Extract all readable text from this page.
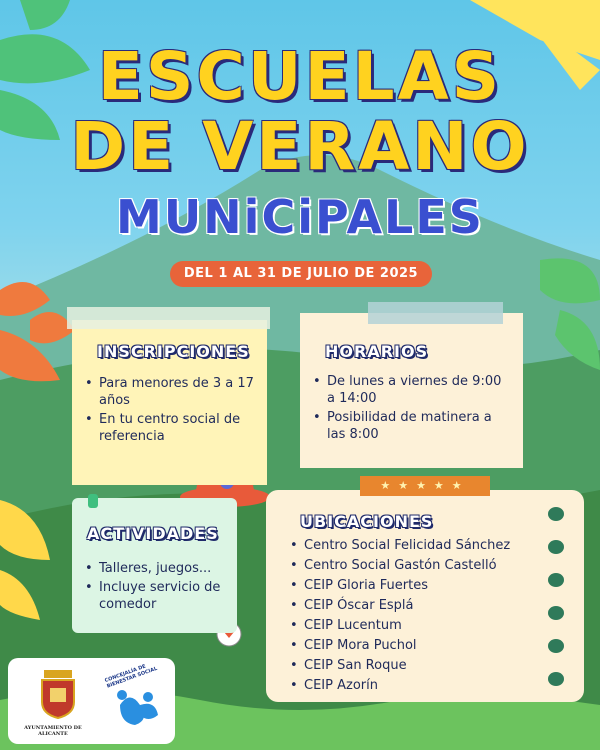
ESCUELAS
DE VERANO
MUNiCiPALES
DEL 1 AL 31 DE JULIO DE 2025
INSCRIPCIONES
• Para menores de 3 a 17 años
• En tu centro social de referencia
HORARIOS
• De lunes a viernes de 9:00 a 14:00
• Posibilidad de matinera a las 8:00
ACTIVIDADES
• Talleres, juegos...
• Incluye servicio de comedor
★★★★★
UBICACIONES
• Centro Social Felicidad Sánchez
• Centro Social Gastón Castelló
• CEIP Gloria Fuertes
• CEIP Óscar Esplá
• CEIP Lucentum
• CEIP Mora Puchol
• CEIP San Roque
• CEIP Azorín
AYUNTAMIENTO DE ALICANTE
CONCEJALÍA DE BIENESTAR SOCIAL
